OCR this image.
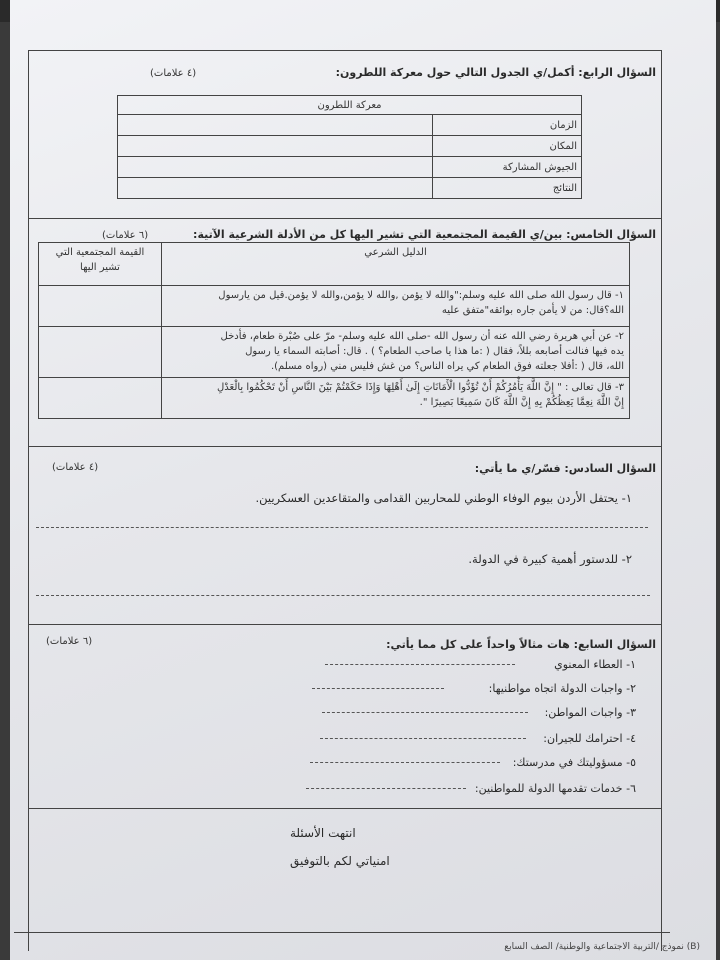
السؤال الرابع: أكمل/ي الجدول التالي حول معركة اللطرون:
(٤ علامات)
معركة اللطرون	
الزمان	
المكان	
الجيوش المشاركة	
النتائج	
السؤال الخامس: بين/ي القيمة المجتمعية التي تشير اليها كل من الأدلة الشرعية الآتية:
(٦ علامات)
الدليل الشرعي	القيمة المجتمعية التي تشير اليها
١- قال رسول الله صلى الله عليه وسلم:"والله لا يؤمن ,والله لا يؤمن,والله لا يؤمن.قيل من يارسول
الله؟قال: من لا يأمن جاره بوائقه"متفق عليه	
٢- عن أبي هريرة رضي الله عنه أن رسول الله -صلى الله عليه وسلم- مرّ على صُبْرة طعام، فأدخل
يده فيها فنالت أصابعه بللاً، فقال ( :ما هذا يا صاحب الطعام؟ ) . قال: أصابته السماء يا رسول
الله، قال ( :أفلا جعلته فوق الطعام كي يراه الناس؟ من غش فليس مني (رواه مسلم).	
٣- قال تعالى : " إِنَّ اللَّهَ يَأْمُرُكُمْ أَنْ تُؤَدُّوا الْأَمَانَاتِ إِلَىٰ أَهْلِهَا وَإِذَا حَكَمْتُمْ بَيْنَ النَّاسِ أَنْ تَحْكُمُوا بِالْعَدْلِ
إِنَّ اللَّهَ نِعِمَّا يَعِظُكُمْ بِهِ إِنَّ اللَّهَ كَانَ سَمِيعًا بَصِيرًا ".	
السؤال السادس: فسّر/ي ما يأتي:
(٤ علامات)
١- يحتفل الأردن بيوم الوفاء الوطني للمحاربين القدامى والمتقاعدين العسكريين.
٢- للدستور أهمية كبيرة في الدولة.
السؤال السابع: هات مثالاً واحداً على كل مما يأتي:
(٦ علامات)
١- العطاء المعنوي
٢- واجبات الدولة اتجاه مواطنيها:
٣- واجبات المواطن:
٤- احترامك للجيران:
٥- مسؤوليتك في مدرستك:
٦- خدمات تقدمها الدولة للمواطنين:
انتهت الأسئلة
امنياتي لكم بالتوفيق
(B) نموذج /التربية الاجتماعية والوطنية/ الصف السابع
